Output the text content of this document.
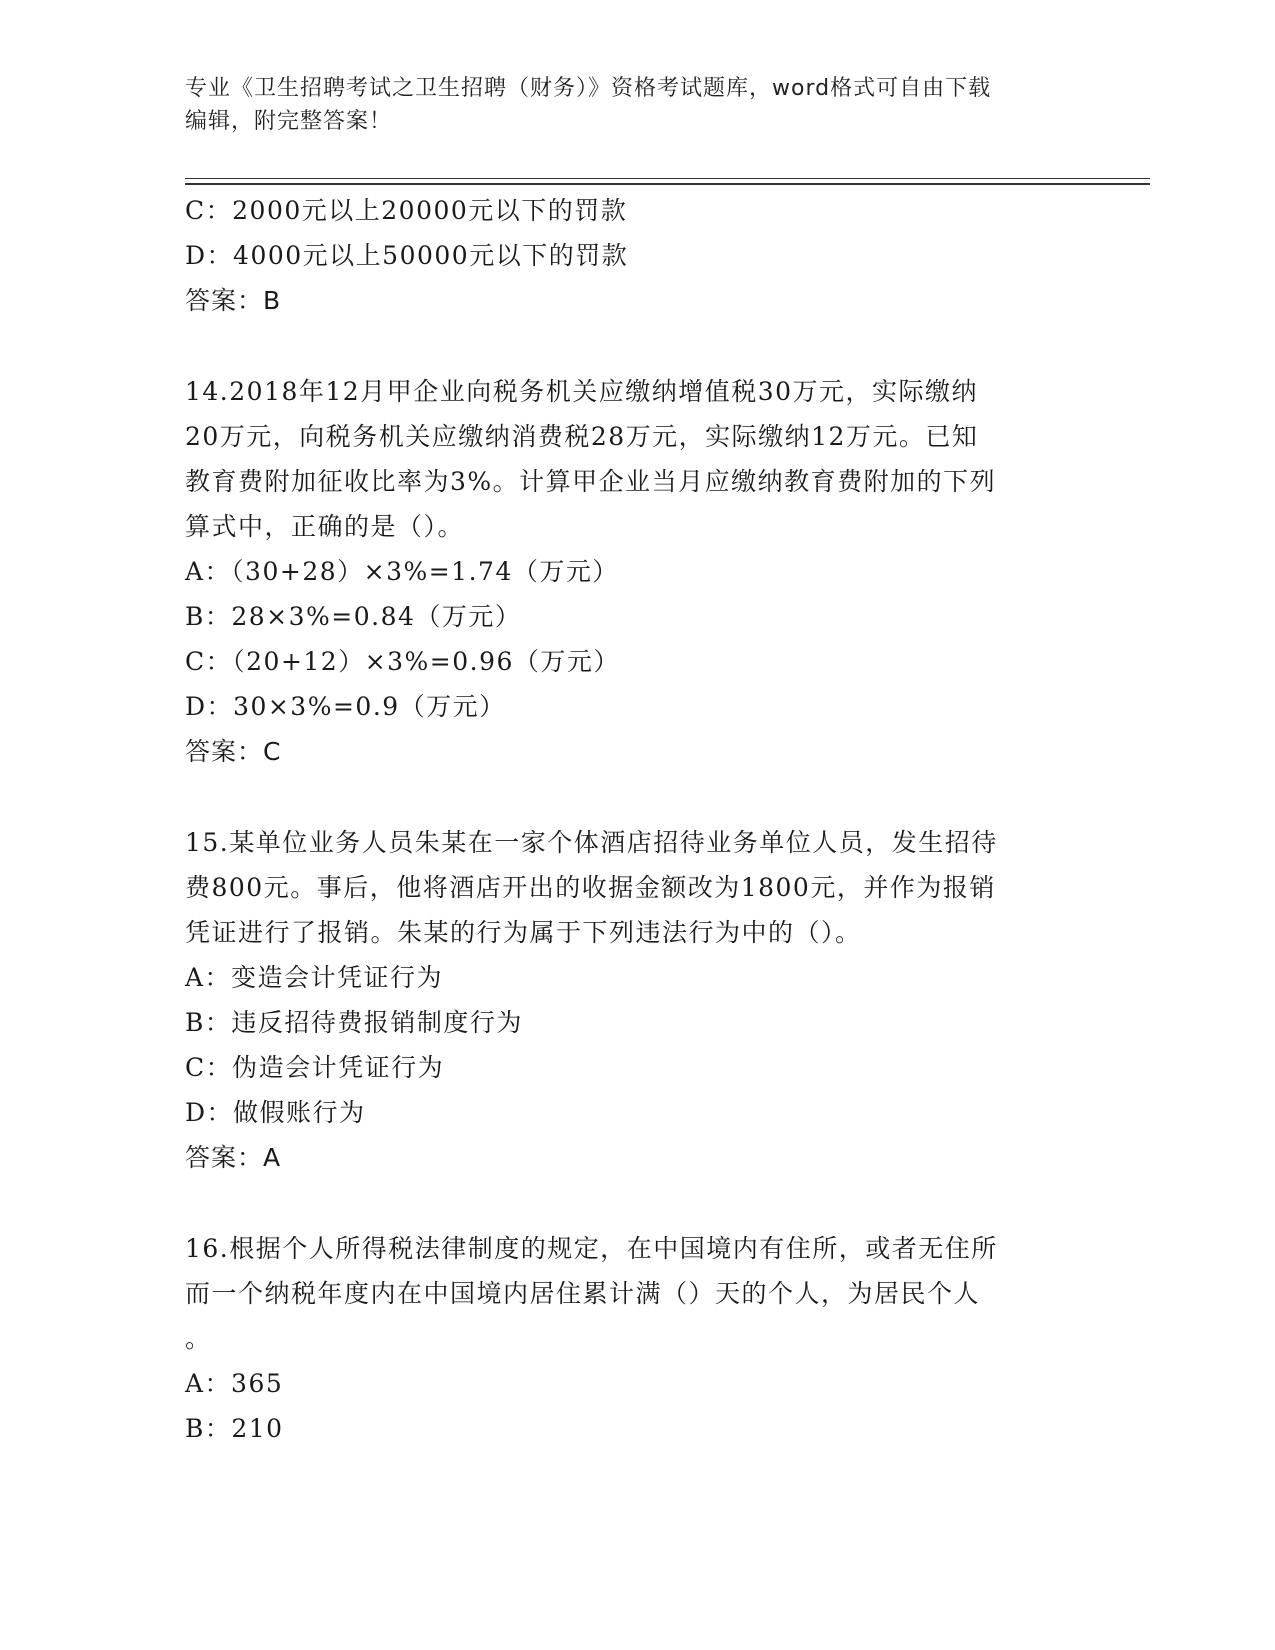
专业《卫生招聘考试之卫生招聘（财务）》资格考试题库，word格式可自由下载
编辑，附完整答案！
C：2000元以上20000元以下的罚款
D：4000元以上50000元以下的罚款
答案：B
14.2018年12月甲企业向税务机关应缴纳增值税30万元，实际缴纳
20万元，向税务机关应缴纳消费税28万元，实际缴纳12万元。已知
教育费附加征收比率为3%。计算甲企业当月应缴纳教育费附加的下列
算式中，正确的是（）。
A：（30+28）×3%=1.74（万元）
B：28×3%=0.84（万元）
C：（20+12）×3%=0.96（万元）
D：30×3%=0.9（万元）
答案：C
15.某单位业务人员朱某在一家个体酒店招待业务单位人员，发生招待
费800元。事后，他将酒店开出的收据金额改为1800元，并作为报销
凭证进行了报销。朱某的行为属于下列违法行为中的（）。
A：变造会计凭证行为
B：违反招待费报销制度行为
C：伪造会计凭证行为
D：做假账行为
答案：A
16.根据个人所得税法律制度的规定，在中国境内有住所，或者无住所
而一个纳税年度内在中国境内居住累计满（）天的个人，为居民个人
。
A：365
B：210
